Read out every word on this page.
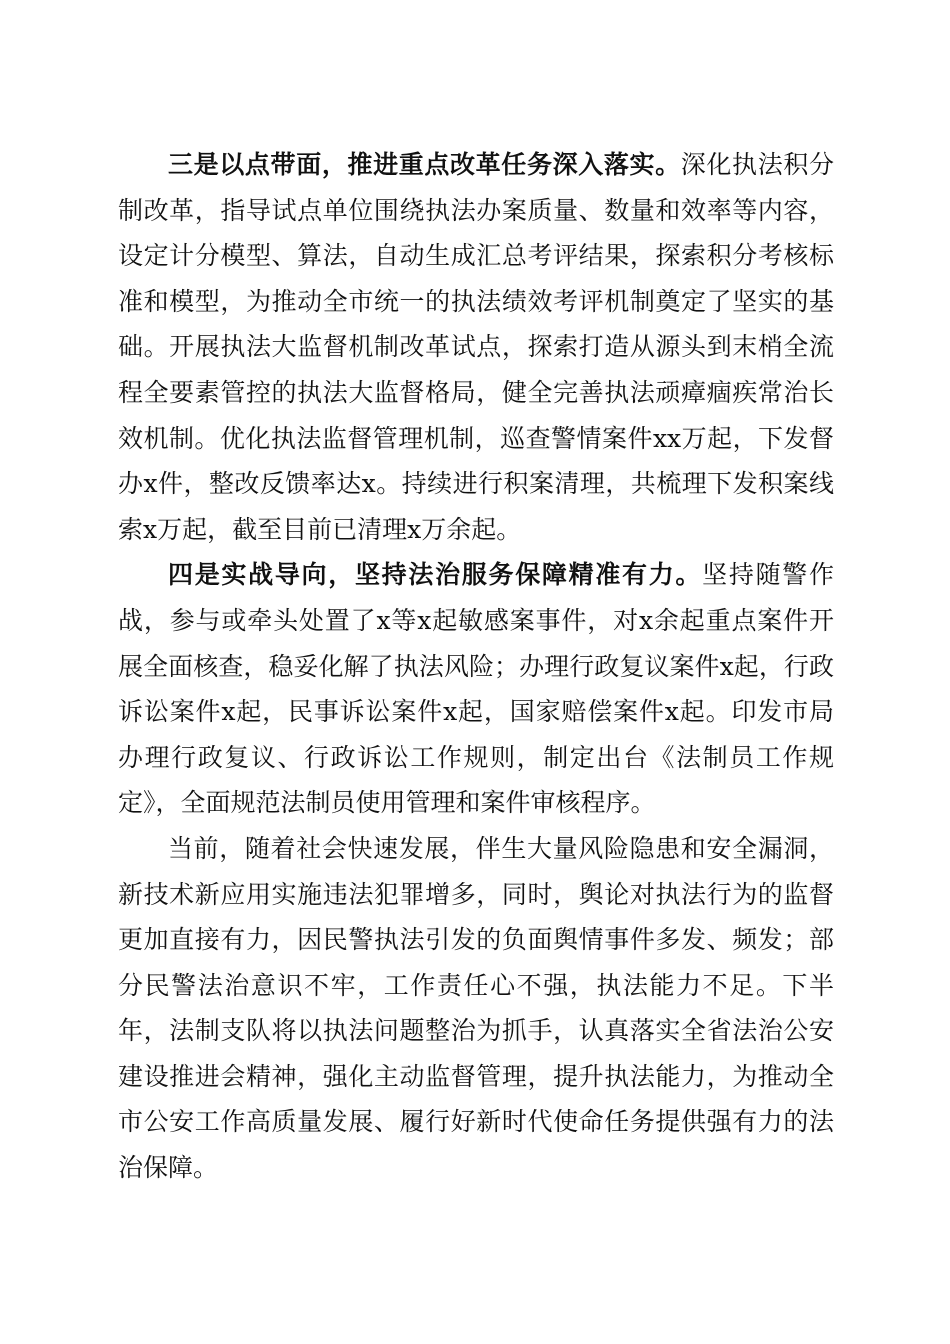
三是以点带面，推进重点改革任务深入落实。深化执法积分制改革，指导试点单位围绕执法办案质量、数量和效率等内容，设定计分模型、算法，自动生成汇总考评结果，探索积分考核标准和模型，为推动全市统一的执法绩效考评机制奠定了坚实的基础。开展执法大监督机制改革试点，探索打造从源头到末梢全流程全要素管控的执法大监督格局，健全完善执法顽瘴痼疾常治长效机制。优化执法监督管理机制，巡查警情案件xx万起，下发督办x件，整改反馈率达x。持续进行积案清理，共梳理下发积案线索x万起，截至目前已清理x万余起。

四是实战导向，坚持法治服务保障精准有力。坚持随警作战，参与或牵头处置了x等x起敏感案事件，对x余起重点案件开展全面核查，稳妥化解了执法风险；办理行政复议案件x起，行政诉讼案件x起，民事诉讼案件x起，国家赔偿案件x起。印发市局办理行政复议、行政诉讼工作规则，制定出台《法制员工作规定》，全面规范法制员使用管理和案件审核程序。

当前，随着社会快速发展，伴生大量风险隐患和安全漏洞，新技术新应用实施违法犯罪增多，同时，舆论对执法行为的监督更加直接有力，因民警执法引发的负面舆情事件多发、频发；部分民警法治意识不牢，工作责任心不强，执法能力不足。下半年，法制支队将以执法问题整治为抓手，认真落实全省法治公安建设推进会精神，强化主动监督管理，提升执法能力，为推动全市公安工作高质量发展、履行好新时代使命任务提供强有力的法治保障。
